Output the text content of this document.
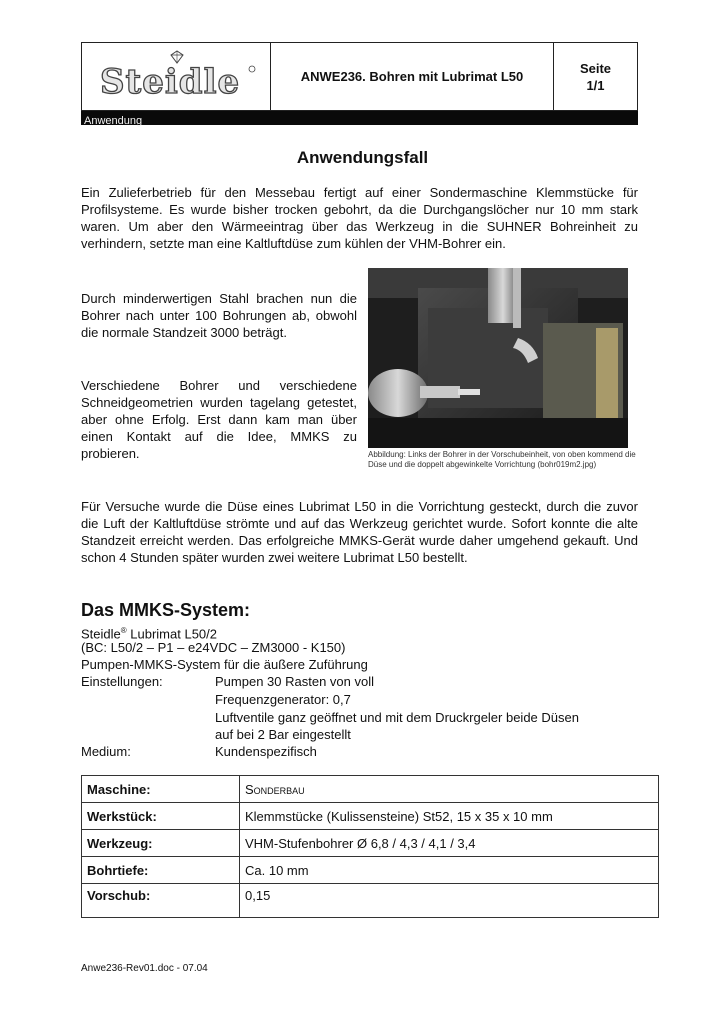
Steidle	ANWE236. Bohren mit Lubrimat L50
Seite
1/1
Anwendung
Anwendungsfall

Ein Zulieferbetrieb für den Messebau fertigt auf einer Sondermaschine Klemmstücke für Profilsysteme. Es wurde bisher trocken gebohrt, da die Durchgangslöcher nur 10 mm stark waren. Um aber den Wärmeeintrag über das Werkzeug in die SUHNER Bohreinheit zu verhindern, setzte man eine Kaltluftdüse zum kühlen der VHM-Bohrer ein.

Durch minderwertigen Stahl brachen nun die Bohrer nach unter 100 Bohrungen ab, obwohl die normale Standzeit 3000 beträgt.

Verschiedene Bohrer und verschiedene Schneidgeometrien wurden tagelang getestet, aber ohne Erfolg. Erst dann kam man über einen Kontakt auf die Idee, MMKS zu probieren.	Abbildung: Links der Bohrer in der Vorschubeinheit, von oben kommend die Düse und die doppelt abgewinkelte Vorrichtung (bohr019m2.jpg)

Für Versuche wurde die Düse eines Lubrimat L50 in die Vorrichtung gesteckt, durch die zuvor die Luft der Kaltluftdüse strömte und auf das Werkzeug gerichtet wurde. Sofort konnte die alte Standzeit erreicht werden. Das erfolgreiche MMKS-Gerät wurde daher umgehend gekauft. Und schon 4 Stunden später wurden zwei weitere Lubrimat L50 bestellt.

Das MMKS-System:
Steidle® Lubrimat L50/2
(BC: L50/2 – P1 – e24VDC – ZM3000 - K150)
Pumpen-MMKS-System für die äußere Zuführung
Einstellungen:	Pumpen 30 Rasten von voll
Frequenzgenerator: 0,7
Luftventile ganz geöffnet und mit dem Druckrgeler beide Düsen
auf bei 2 Bar eingestellt
Medium:	Kundenspezifisch
Maschine:	Sonderbau
Werkstück:	Klemmstücke (Kulissensteine) St52, 15 x 35 x 10 mm
Werkzeug:	VHM-Stufenbohrer Ø 6,8 / 4,3 / 4,1 / 3,4
Bohrtiefe:	Ca. 10 mm
Vorschub:	0,15
Anwe236-Rev01.doc - 07.04
